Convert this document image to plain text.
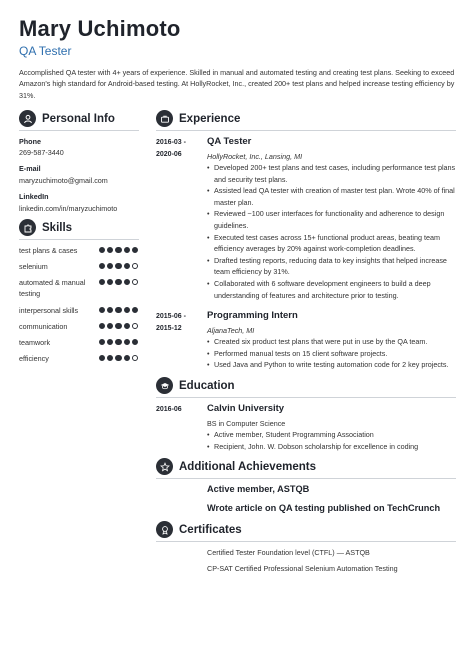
Mary Uchimoto
QA Tester
Accomplished QA tester with 4+ years of experience. Skilled in manual and automated testing and creating test plans. Seeking to exceed Amazon's high standard for Android-based testing. At HollyRocket, Inc., created 200+ test plans and helped increase testing efficiency by 31%.
Personal Info
Phone
269-587-3440
E-mail
maryzuchimoto@gmail.com
LinkedIn
linkedin.com/in/maryzuchimoto
Skills
test plans & cases
selenium
automated & manual testing
interpersonal skills
communication
teamwork
efficiency
Experience
2016-03 -
2020-06
QA Tester
HollyRocket, Inc., Lansing, MI
• Developed 200+ test plans and test cases, including performance test plans and security test plans.
• Assisted lead QA tester with creation of master test plan. Wrote 40% of final master plan.
• Reviewed ~100 user interfaces for functionality and adherence to design guidelines.
• Executed test cases across 15+ functional product areas, beating team efficiency averages by 20% against work-completion deadlines.
• Drafted testing reports, reducing data to key insights that helped increase team efficiency by 31%.
• Collaborated with 6 software development engineers to build a deep understanding of features and architecture prior to testing.
2015-06 -
2015-12
Programming Intern
AljanaTech, MI
• Created six product test plans that were put in use by the QA team.
• Performed manual tests on 15 client software projects.
• Used Java and Python to write testing automation code for 2 key projects.
Education
2016-06	Calvin University
BS in Computer Science
• Active member, Student Programming Association
• Recipient, John. W. Dobson scholarship for excellence in coding
Additional Achievements
Active member, ASTQB
Wrote article on QA testing published on TechCrunch
Certificates
Certified Tester Foundation level (CTFL) — ASTQB
CP-SAT Certified Professional Selenium Automation Testing
